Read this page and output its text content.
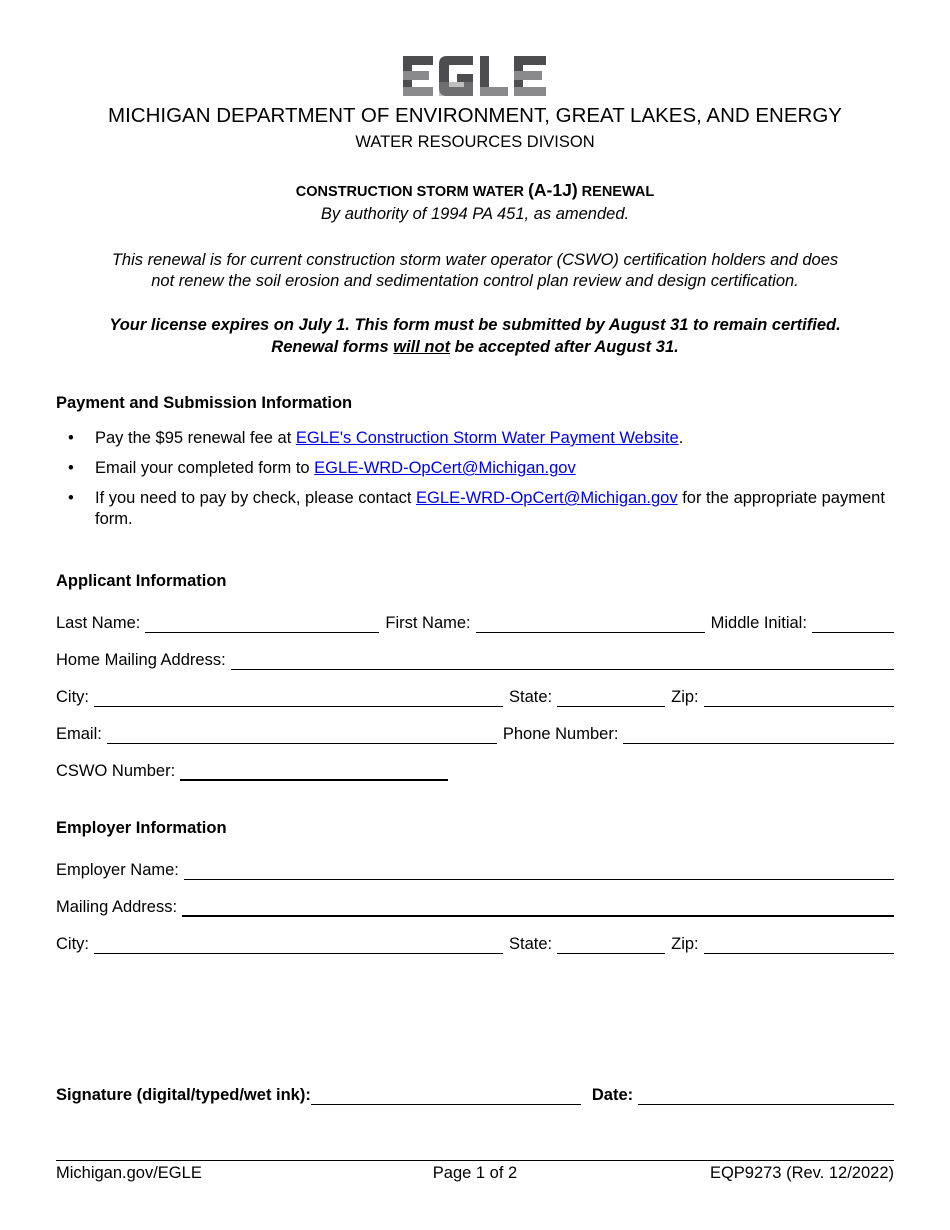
MICHIGAN DEPARTMENT OF ENVIRONMENT, GREAT LAKES, AND ENERGY
WATER RESOURCES DIVISON
CONSTRUCTION STORM WATER (A-1J) RENEWAL
By authority of 1994 PA 451, as amended.
This renewal is for current construction storm water operator (CSWO) certification holders and does
not renew the soil erosion and sedimentation control plan review and design certification.
Your license expires on July 1. This form must be submitted by August 31 to remain certified.
Renewal forms will not be accepted after August 31.
Payment and Submission Information
• Pay the $95 renewal fee at EGLE's Construction Storm Water Payment Website.
• Email your completed form to EGLE-WRD-OpCert@Michigan.gov
• If you need to pay by check, please contact EGLE-WRD-OpCert@Michigan.gov for the appropriate payment form.
Applicant Information
Last Name:	First Name:	Middle Initial:
Home Mailing Address:
City:	State:	Zip:
Email:	Phone Number:
CSWO Number:
Employer Information
Employer Name:
Mailing Address:
City:	State:	Zip:
Signature (digital/typed/wet ink):	Date:
Michigan.gov/EGLE	Page 1 of 2	EQP9273 (Rev. 12/2022)
